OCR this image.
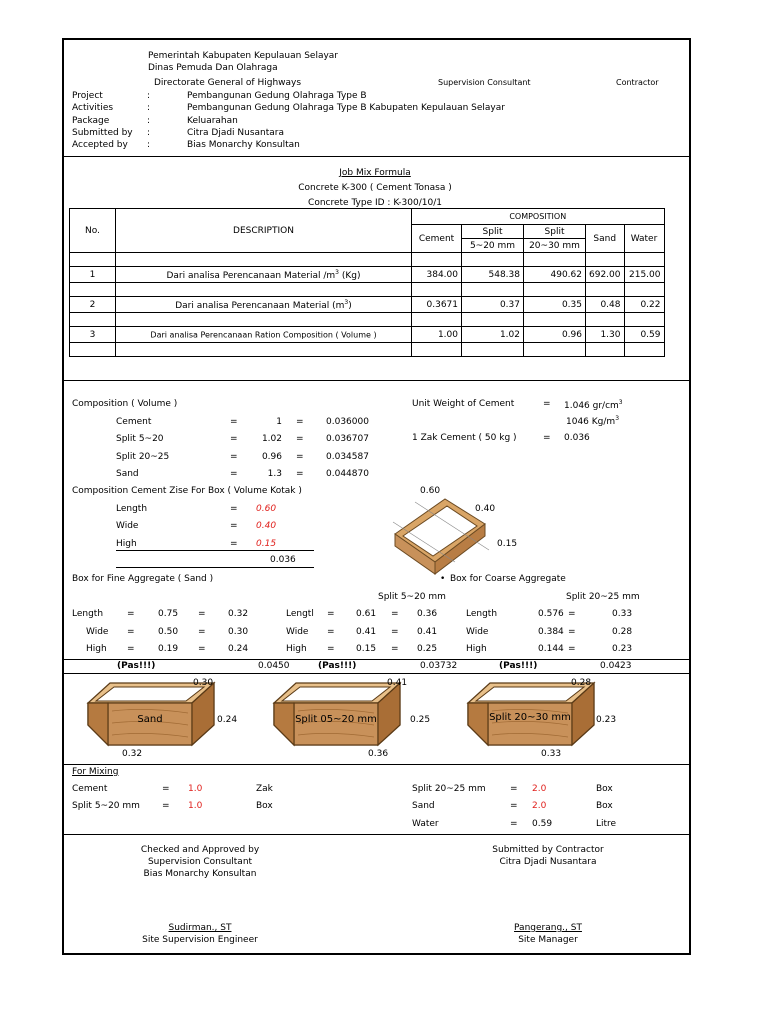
Pemerintah Kabupaten Kepulauan Selayar
Dinas Pemuda Dan Olahraga
Directorate General of Highways	Supervision Consultant	Contractor
Project	:	Pembangunan Gedung Olahraga Type B
Activities	:	Pembangunan Gedung Olahraga Type B Kabupaten Kepulauan Selayar
Package	:	Keluarahan
Submitted by :	Citra Djadi Nusantara
Accepted by :	Bias Monarchy Konsultan
Job Mix Formula
Concrete K-300 ( Cement Tonasa )
Concrete Type ID : K-300/10/1
No.	DESCRIPTION	COMPOSITION				
		Cement	Split	Split	Sand	Water
			5~20 mm	20~30 mm		

1	Dari analisa Perencanaan Material $/m^3$ (Kg)	384.00	548.38	490.62	692.00	215.00

2	Dari analisa Perencanaan Material $(m^3)$	0.3671	0.37	0.35	0.48	0.22

3	Dari analisa Perencanaan Ration Composition ( Volume )	1.00	1.02	0.96	1.30	0.59

Composition ( Volume )
Cement	=	1 = 0.036000
Split 5~20	=	1.02 = 0.036707
Split 20~25	=	0.96 = 0.034587
Sand	=	1.3 = 0.044870
Unit Weight of Cement	= 1.046 $gr/cm^3$
1046 $Kg/m^3$
1 Zak Cement ( 50 kg )	= 0.036
Composition Cement Zise For Box ( Volume Kotak )
Length	= 0.60
Wide	= 0.40
High	= 0.15
0.036
0.60
0.40
0.15
Box for Fine Aggregate ( Sand )	• Box for Coarse Aggregate
Split 5~20 mm	Split 20~25 mm
Length	=	0.75 = 0.32
Wide =	0.50 = 0.30
High =	0.19 = 0.24
Lengtl = 0.61 = 0.36
Wide = 0.41 = 0.41
High = 0.15 = 0.25
Length	0.576 =	0.33
Wide	0.384 =	0.28
High	0.144 =	0.23
(Pas!!!)	0.0450	(Pas!!!)	0.03732	(Pas!!!)	0.0423
Sand
0.30
0.24
0.32
Split 05~20 mm
0.41
0.25
0.36
Split 20~30 mm
0.28
0.23
0.33
For Mixing
Cement	= 1.0	Zak
Split 5~20 mm = 1.0	Box
Split 20~25 mm	= 2.0	Box
Sand	= 2.0	Box
Water	= 0.59	Litre
Checked and Approved by
Supervision Consultant
Bias Monarchy Konsultan
Sudirman., ST
Site Supervision Engineer
Submitted by Contractor
Citra Djadi Nusantara
Pangerang., ST
Site Manager
